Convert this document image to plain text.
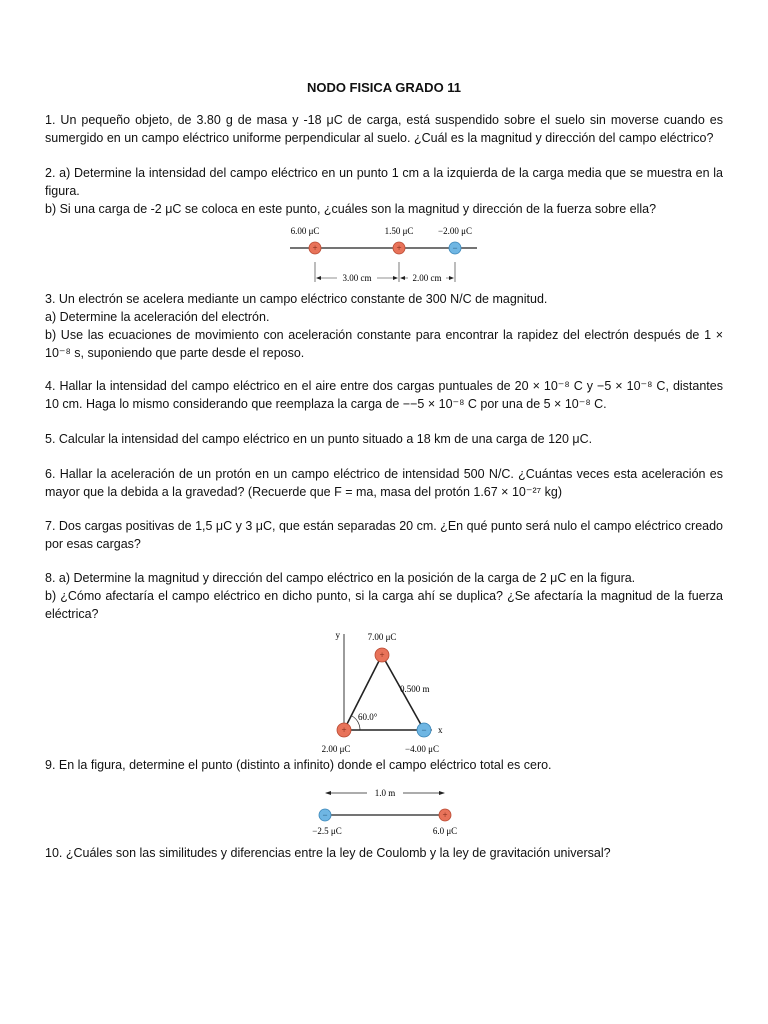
NODO FISICA GRADO 11

1. Un pequeño objeto, de 3.80 g de masa y -18 μC de carga, está suspendido sobre el suelo sin moverse cuando es sumergido en un campo eléctrico uniforme perpendicular al suelo. ¿Cuál es la magnitud y dirección del campo eléctrico?

2. a) Determine la intensidad del campo eléctrico en un punto 1 cm a la izquierda de la carga media que se muestra en la figura.

b) Si una carga de -2 μC se coloca en este punto, ¿cuáles son la magnitud y dirección de la fuerza sobre ella?

+	+	−
6.00 μC	1.50 μC	−2.00 μC
3.00 cm	2.00 cm

3. Un electrón se acelera mediante un campo eléctrico constante de 300 N/C de magnitud.

a) Determine la aceleración del electrón.

b) Use las ecuaciones de movimiento con aceleración constante para encontrar la rapidez del electrón después de 1 × 10⁻⁸ s, suponiendo que parte desde el reposo.

4. Hallar la intensidad del campo eléctrico en el aire entre dos cargas puntuales de 20 × 10⁻⁸ C y −5 × 10⁻⁸ C, distantes 10 cm. Haga lo mismo considerando que reemplaza la carga de −−5 × 10⁻⁸ C por una de 5 × 10⁻⁸ C.

5. Calcular la intensidad del campo eléctrico en un punto situado a 18 km de una carga de 120 μC.

6. Hallar la aceleración de un protón en un campo eléctrico de intensidad 500 N/C. ¿Cuántas veces esta aceleración es mayor que la debida a la gravedad? (Recuerde que F = ma, masa del protón 1.67 × 10⁻²⁷ kg)

7. Dos cargas positivas de 1,5 μC y 3 μC, que están separadas 20 cm. ¿En qué punto será nulo el campo eléctrico creado por esas cargas?

8. a) Determine la magnitud y dirección del campo eléctrico en la posición de la carga de 2 μC en la figura.

b) ¿Cómo afectaría el campo eléctrico en dicho punto, si la carga ahí se duplica? ¿Se afectaría la magnitud de la fuerza eléctrica?

y
x
60.0°
0.500 m
+
+	−
7.00 μC
2.00 μC	−4.00 μC

9. En la figura, determine el punto (distinto a infinito) donde el campo eléctrico total es cero.

1.0 m
−	+
−2.5 μC	6.0 μC

10. ¿Cuáles son las similitudes y diferencias entre la ley de Coulomb y la ley de gravitación universal?
